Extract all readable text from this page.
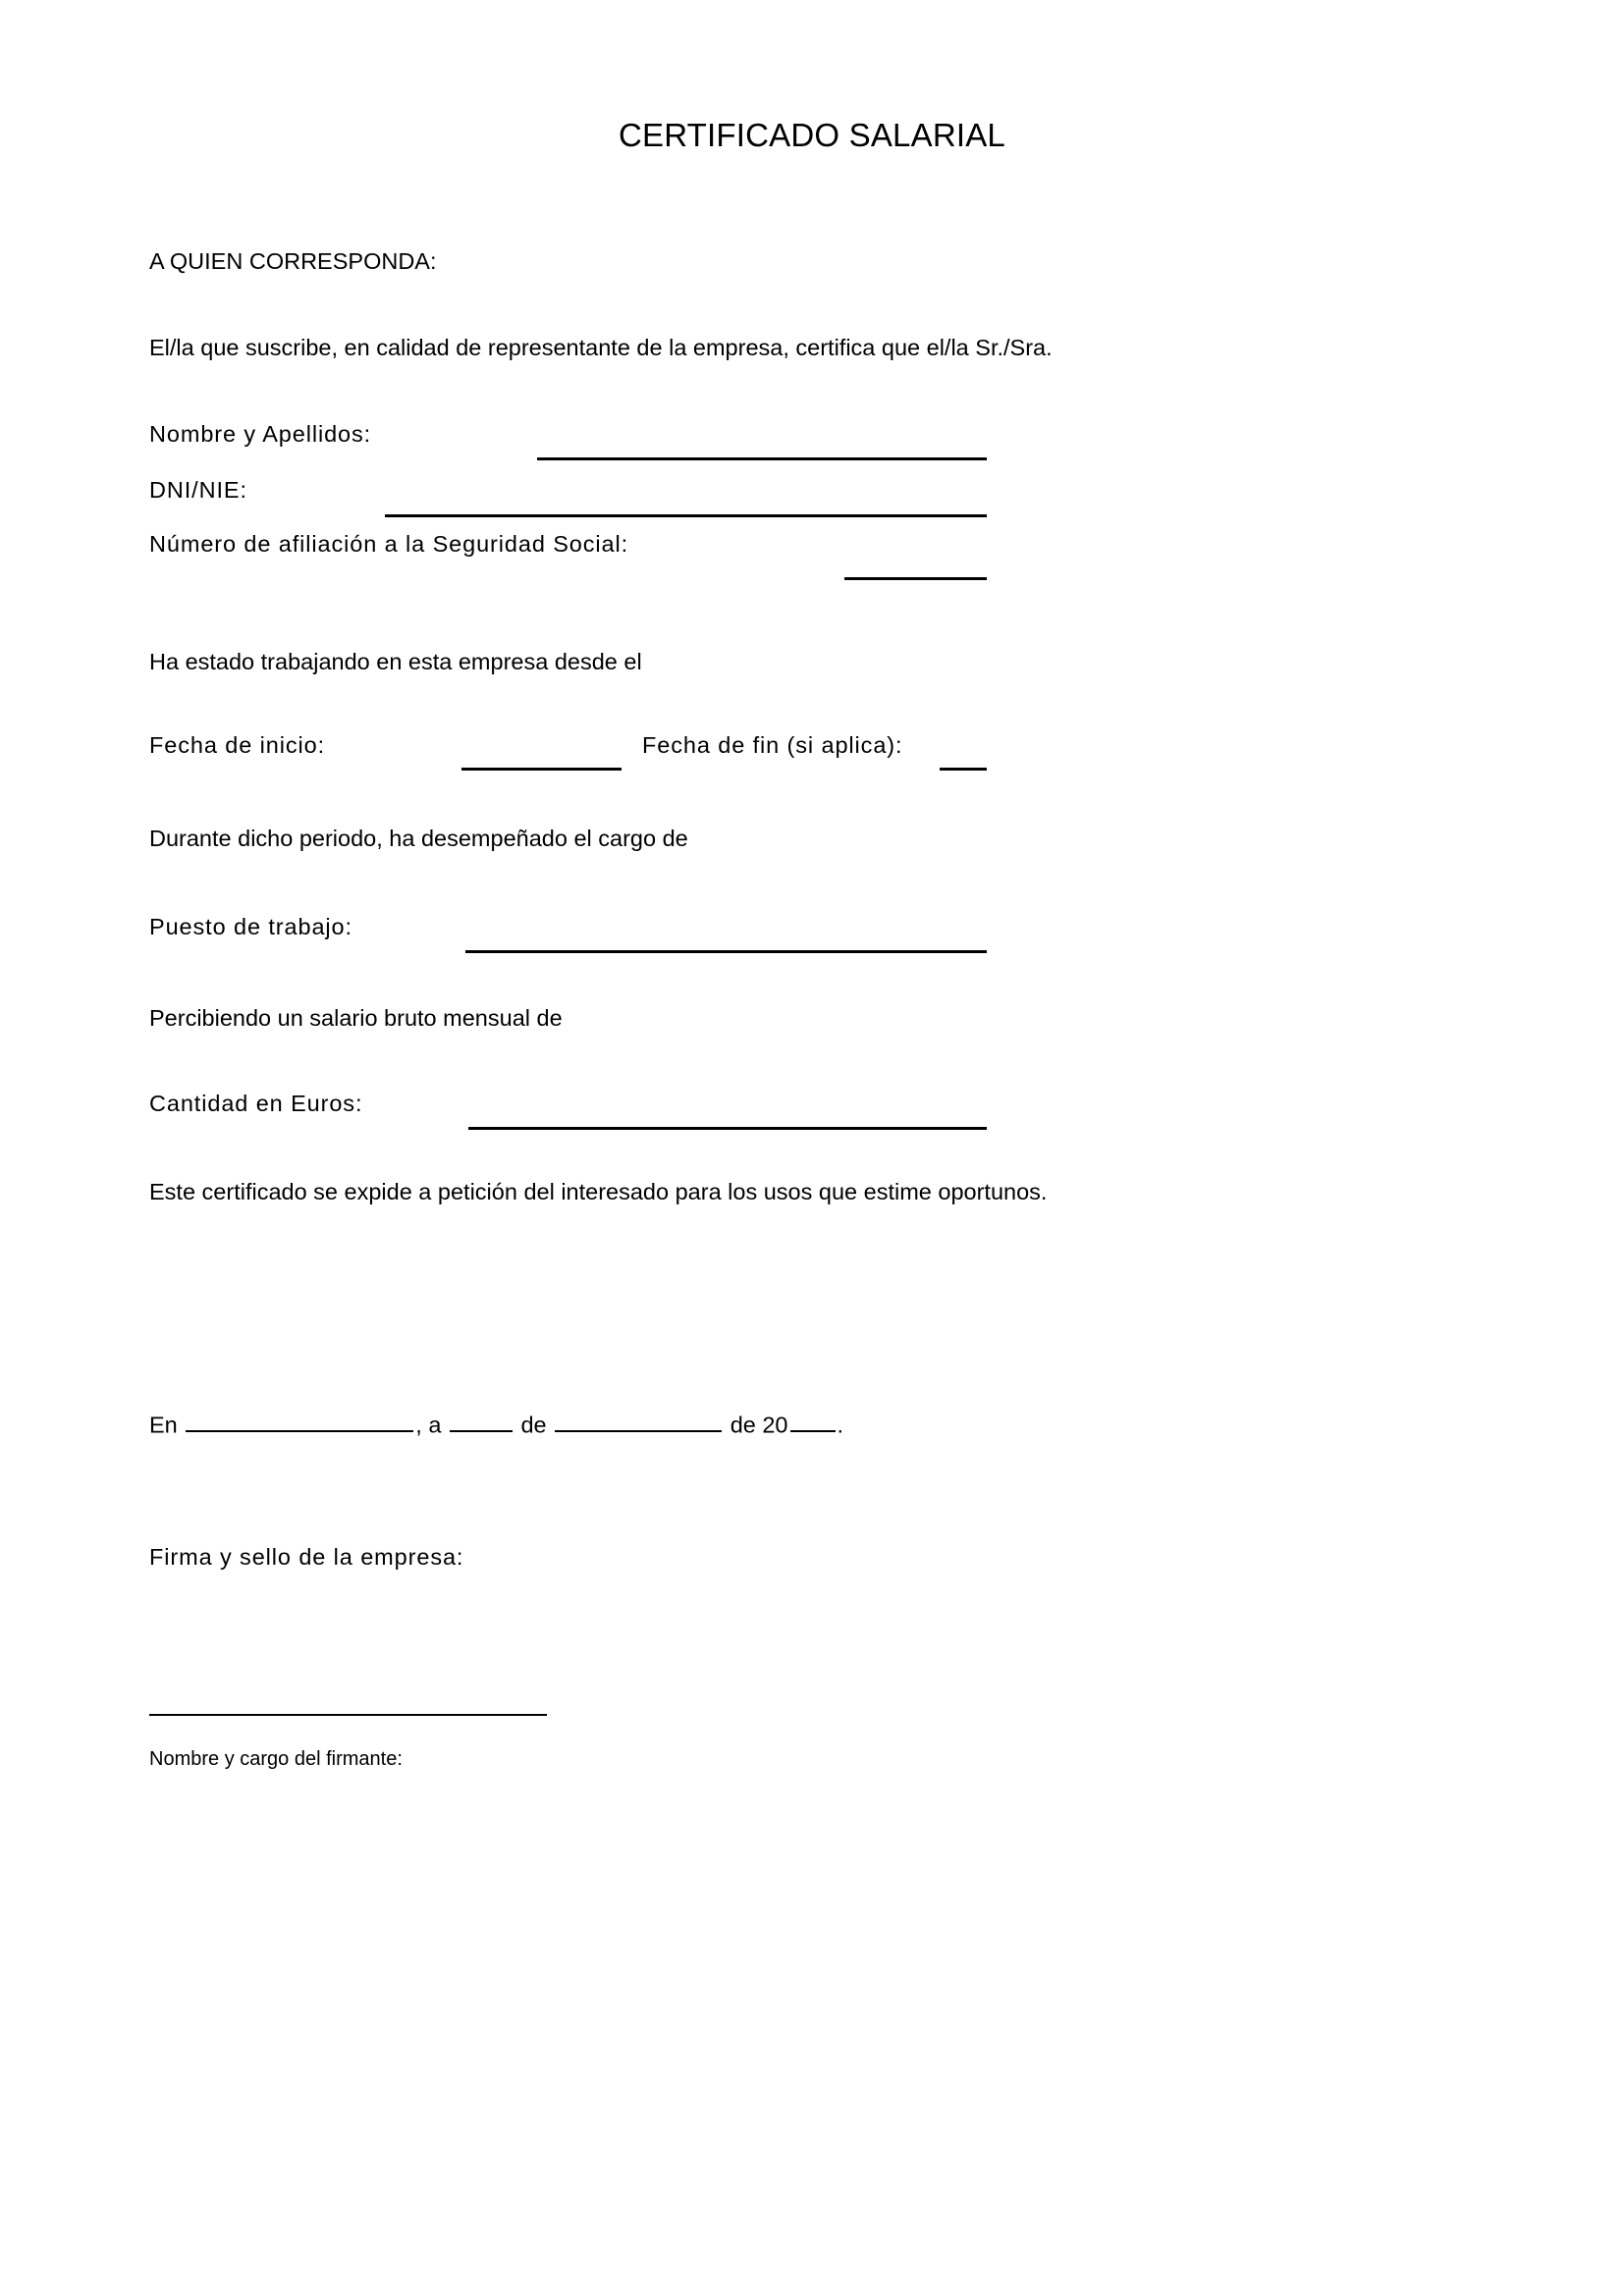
CERTIFICADO SALARIAL
A QUIEN CORRESPONDA:
El/la que suscribe, en calidad de representante de la empresa, certifica que el/la Sr./Sra.
Nombre y Apellidos:
DNI/NIE:
Número de afiliación a la Seguridad Social:
Ha estado trabajando en esta empresa desde el
Fecha de inicio:	Fecha de fin (si aplica):
Durante dicho periodo, ha desempeñado el cargo de
Puesto de trabajo:
Percibiendo un salario bruto mensual de
Cantidad en Euros:
Este certificado se expide a petición del interesado para los usos que estime oportunos.
En	, a	de	de 20 .
Firma y sello de la empresa:
Nombre y cargo del firmante:
